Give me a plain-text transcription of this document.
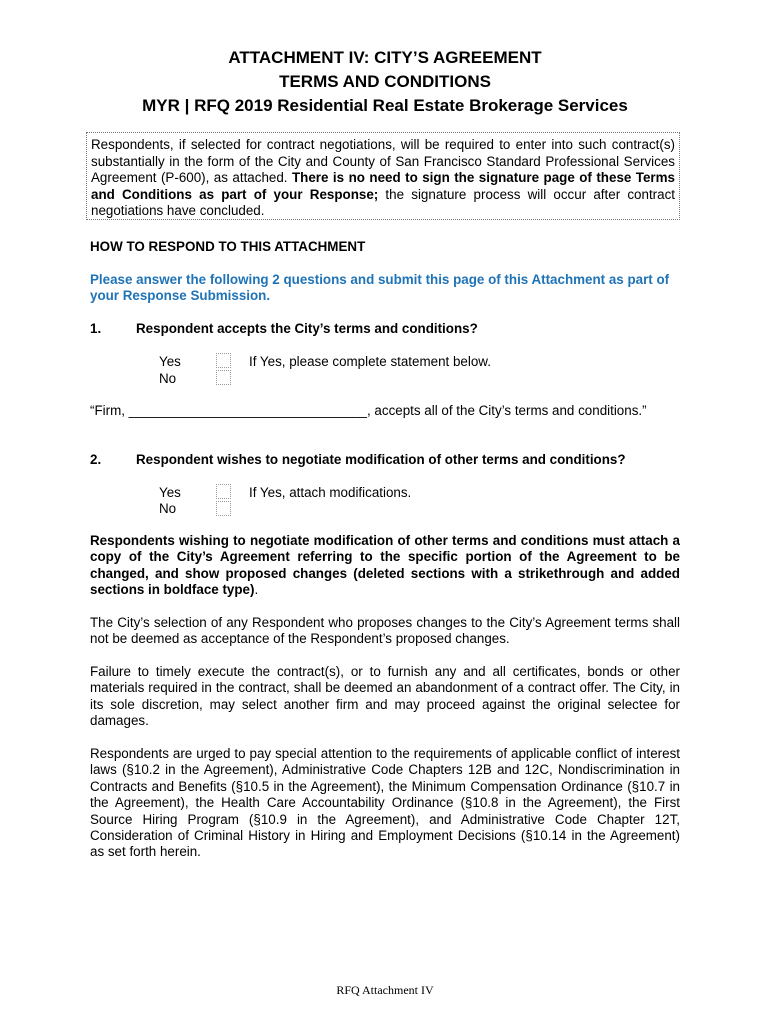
ATTACHMENT IV: CITY’S AGREEMENT
TERMS AND CONDITIONS
MYR | RFQ 2019 Residential Real Estate Brokerage Services
Respondents, if selected for contract negotiations, will be required to enter into such contract(s) substantially in the form of the City and County of San Francisco Standard Professional Services Agreement (P-600), as attached. There is no need to sign the signature page of these Terms and Conditions as part of your Response; the signature process will occur after contract negotiations have concluded.
HOW TO RESPOND TO THIS ATTACHMENT
Please answer the following 2 questions and submit this page of this Attachment as part of your Response Submission.
1.	Respondent accepts the City’s terms and conditions?
Yes
No
If Yes, please complete statement below.
“Firm, ________________________________, accepts all of the City’s terms and conditions.”
2.	Respondent wishes to negotiate modification of other terms and conditions?
Yes
No
If Yes, attach modifications.
Respondents wishing to negotiate modification of other terms and conditions must attach a copy of the City’s Agreement referring to the specific portion of the Agreement to be changed, and show proposed changes (deleted sections with a strikethrough and added sections in boldface type).
The City’s selection of any Respondent who proposes changes to the City’s Agreement terms shall not be deemed as acceptance of the Respondent’s proposed changes.
Failure to timely execute the contract(s), or to furnish any and all certificates, bonds or other materials required in the contract, shall be deemed an abandonment of a contract offer. The City, in its sole discretion, may select another firm and may proceed against the original selectee for damages.
Respondents are urged to pay special attention to the requirements of applicable conflict of interest laws (§10.2 in the Agreement), Administrative Code Chapters 12B and 12C, Nondiscrimination in Contracts and Benefits (§10.5 in the Agreement), the Minimum Compensation Ordinance (§10.7 in the Agreement), the Health Care Accountability Ordinance (§10.8 in the Agreement), the First Source Hiring Program (§10.9 in the Agreement), and Administrative Code Chapter 12T, Consideration of Criminal History in Hiring and Employment Decisions (§10.14 in the Agreement) as set forth herein.
RFQ Attachment IV
